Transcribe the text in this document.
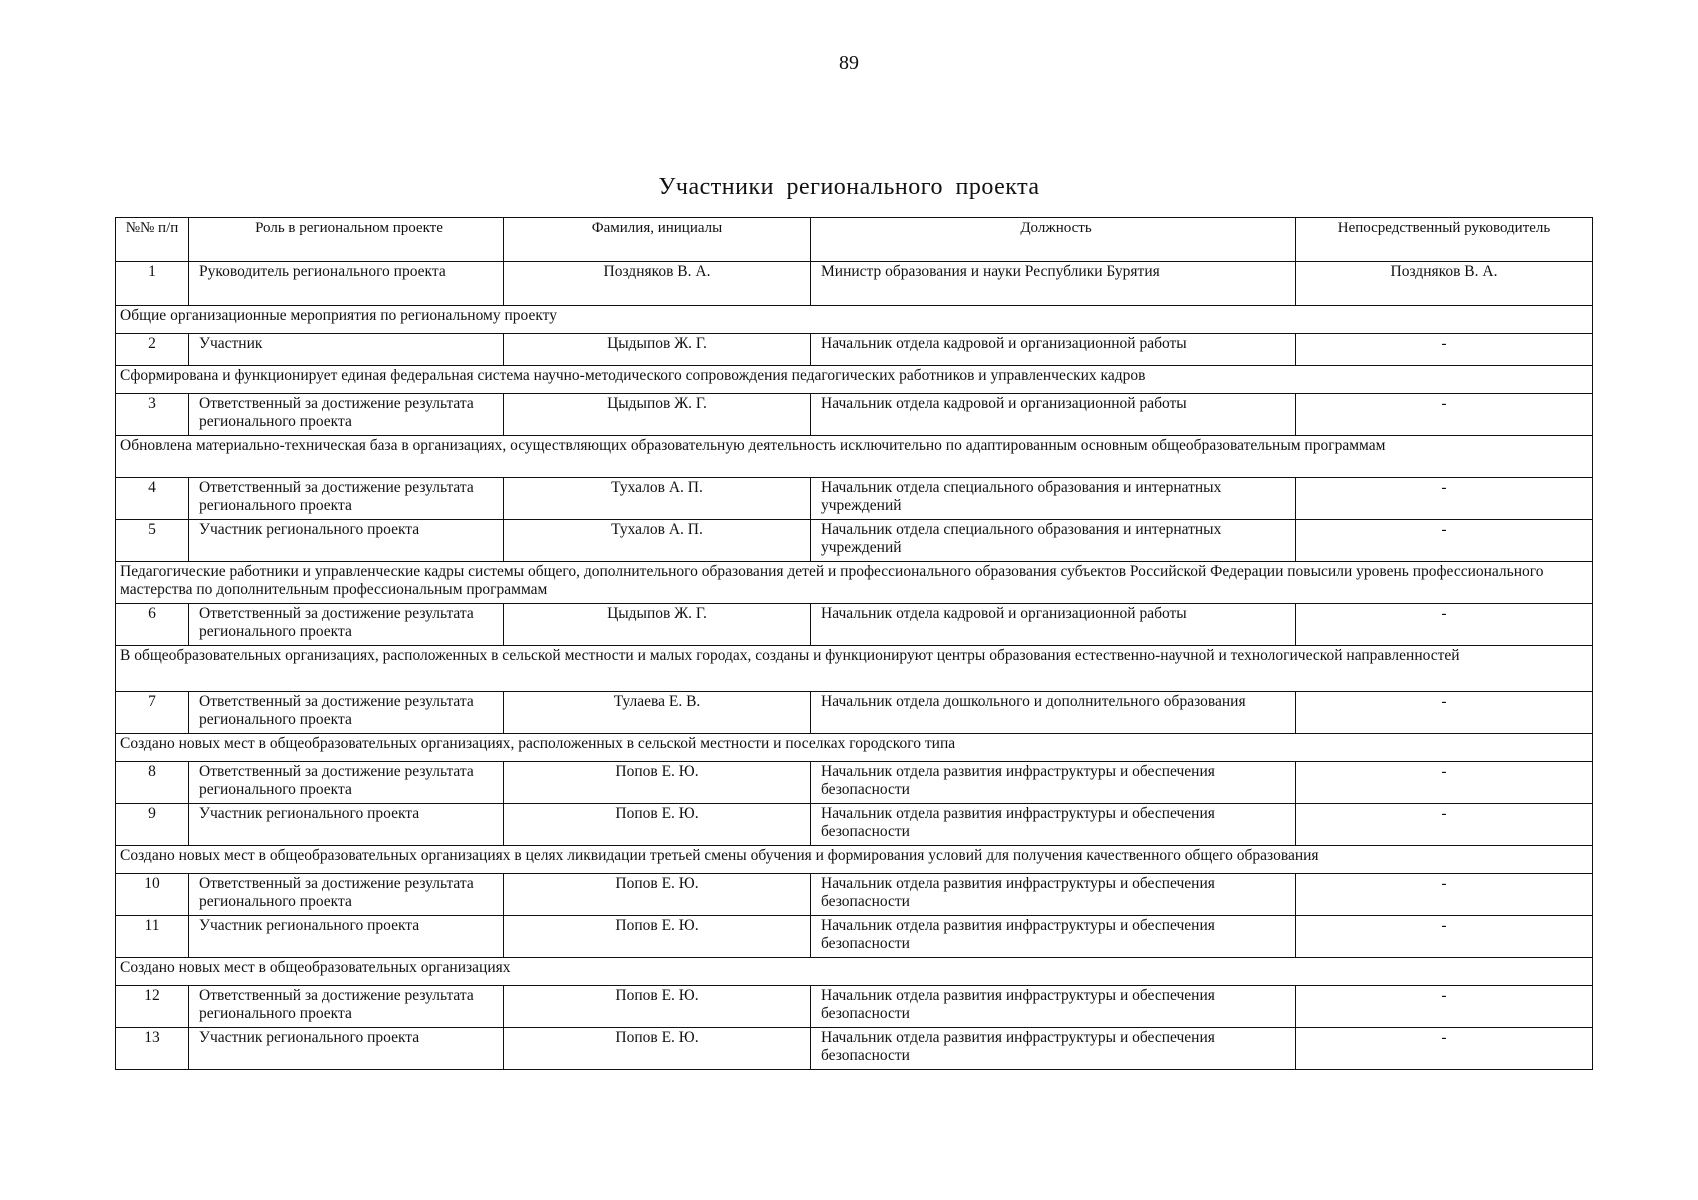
89
Участники регионального проекта
№№ п/п	Роль в региональном проекте	Фамилия, инициалы	Должность	Непосредственный руководитель
1	Руководитель регионального проекта	Поздняков В. А.	Министр образования и науки Республики Бурятия	Поздняков В. А.
Общие организационные мероприятия по региональному проекту				
2	Участник	Цыдыпов Ж. Г.	Начальник отдела кадровой и организационной работы	-
Сформирована и функционирует единая федеральная система научно-методического сопровождения педагогических работников и управленческих кадров				
3	Ответственный за достижение результата регионального проекта	Цыдыпов Ж. Г.	Начальник отдела кадровой и организационной работы	-
Обновлена материально-техническая база в организациях, осуществляющих образовательную деятельность исключительно по адаптированным основным общеобразовательным программам				
4	Ответственный за достижение результата регионального проекта	Тухалов А. П.	Начальник отдела специального образования и интернатных учреждений	-
5	Участник регионального проекта	Тухалов А. П.	Начальник отдела специального образования и интернатных учреждений	-
Педагогические работники и управленческие кадры системы общего, дополнительного образования детей и профессионального образования субъектов Российской Федерации повысили уровень профессионального мастерства по дополнительным профессиональным программам				
6	Ответственный за достижение результата регионального проекта	Цыдыпов Ж. Г.	Начальник отдела кадровой и организационной работы	-
В общеобразовательных организациях, расположенных в сельской местности и малых городах, созданы и функционируют центры образования естественно-научной и технологической направленностей				
7	Ответственный за достижение результата регионального проекта	Тулаева Е. В.	Начальник отдела дошкольного и дополнительного образования	-
Создано новых мест в общеобразовательных организациях, расположенных в сельской местности и поселках городского типа				
8	Ответственный за достижение результата регионального проекта	Попов Е. Ю.	Начальник отдела развития инфраструктуры и обеспечения безопасности	-
9	Участник регионального проекта	Попов Е. Ю.	Начальник отдела развития инфраструктуры и обеспечения безопасности	-
Создано новых мест в общеобразовательных организациях в целях ликвидации третьей смены обучения и формирования условий для получения качественного общего образования				
10	Ответственный за достижение результата регионального проекта	Попов Е. Ю.	Начальник отдела развития инфраструктуры и обеспечения безопасности	-
11	Участник регионального проекта	Попов Е. Ю.	Начальник отдела развития инфраструктуры и обеспечения безопасности	-
Создано новых мест в общеобразовательных организациях				
12	Ответственный за достижение результата регионального проекта	Попов Е. Ю.	Начальник отдела развития инфраструктуры и обеспечения безопасности	-
13	Участник регионального проекта	Попов Е. Ю.	Начальник отдела развития инфраструктуры и обеспечения безопасности	-
